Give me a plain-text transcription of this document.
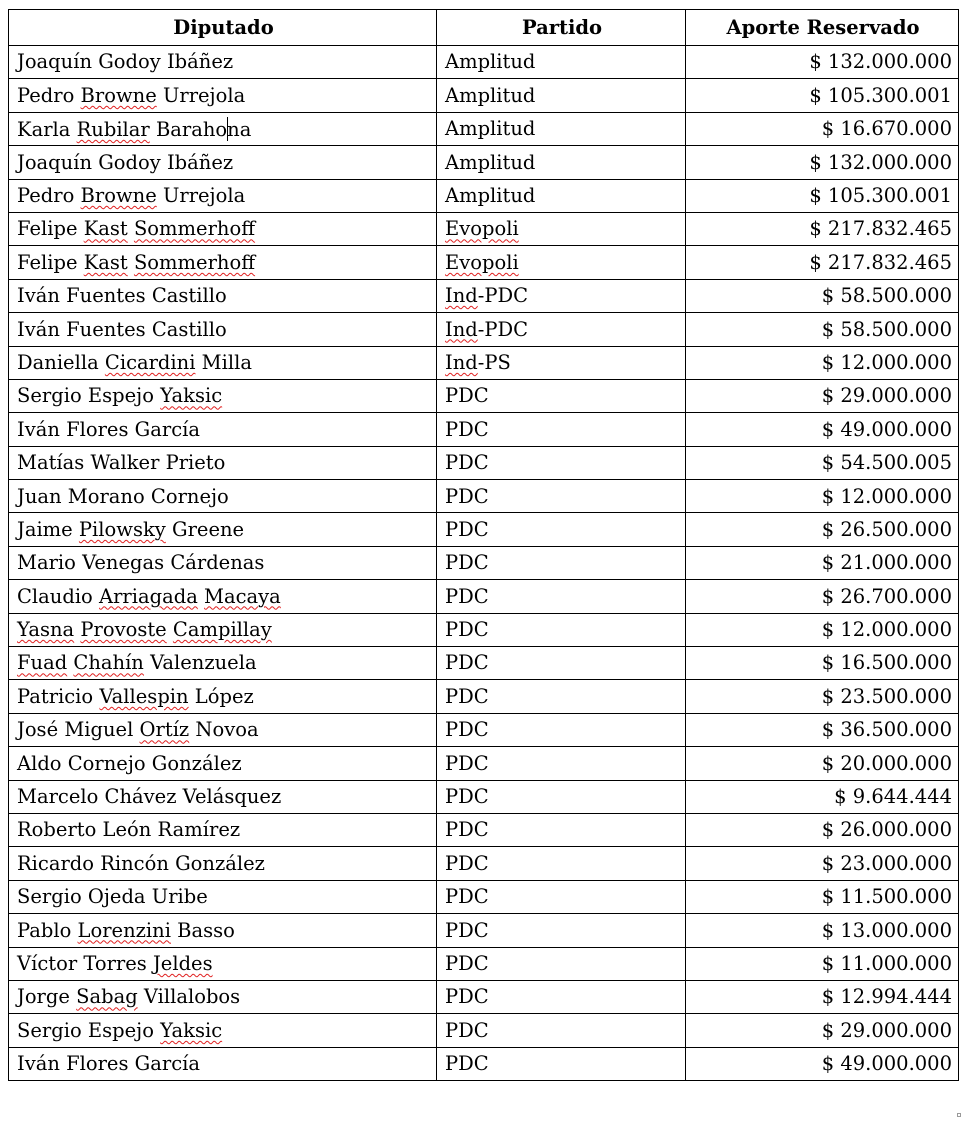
Diputado	Partido	Aporte Reservado
Joaquín Godoy Ibáñez	Amplitud	$ 132.000.000
Pedro Browne Urrejola	Amplitud	$ 105.300.001
Karla Rubilar Barahona	Amplitud	$ 16.670.000
Joaquín Godoy Ibáñez	Amplitud	$ 132.000.000
Pedro Browne Urrejola	Amplitud	$ 105.300.001
Felipe Kast Sommerhoff	Evopoli	$ 217.832.465
Felipe Kast Sommerhoff	Evopoli	$ 217.832.465
Iván Fuentes Castillo	Ind-PDC	$ 58.500.000
Iván Fuentes Castillo	Ind-PDC	$ 58.500.000
Daniella Cicardini Milla	Ind-PS	$ 12.000.000
Sergio Espejo Yaksic	PDC	$ 29.000.000
Iván Flores García	PDC	$ 49.000.000
Matías Walker Prieto	PDC	$ 54.500.005
Juan Morano Cornejo	PDC	$ 12.000.000
Jaime Pilowsky Greene	PDC	$ 26.500.000
Mario Venegas Cárdenas	PDC	$ 21.000.000
Claudio Arriagada Macaya	PDC	$ 26.700.000
Yasna Provoste Campillay	PDC	$ 12.000.000
Fuad Chahín Valenzuela	PDC	$ 16.500.000
Patricio Vallespin López	PDC	$ 23.500.000
José Miguel Ortíz Novoa	PDC	$ 36.500.000
Aldo Cornejo González	PDC	$ 20.000.000
Marcelo Chávez Velásquez	PDC	$ 9.644.444
Roberto León Ramírez	PDC	$ 26.000.000
Ricardo Rincón González	PDC	$ 23.000.000
Sergio Ojeda Uribe	PDC	$ 11.500.000
Pablo Lorenzini Basso	PDC	$ 13.000.000
Víctor Torres Jeldes	PDC	$ 11.000.000
Jorge Sabag Villalobos	PDC	$ 12.994.444
Sergio Espejo Yaksic	PDC	$ 29.000.000
Iván Flores García	PDC	$ 49.000.000
